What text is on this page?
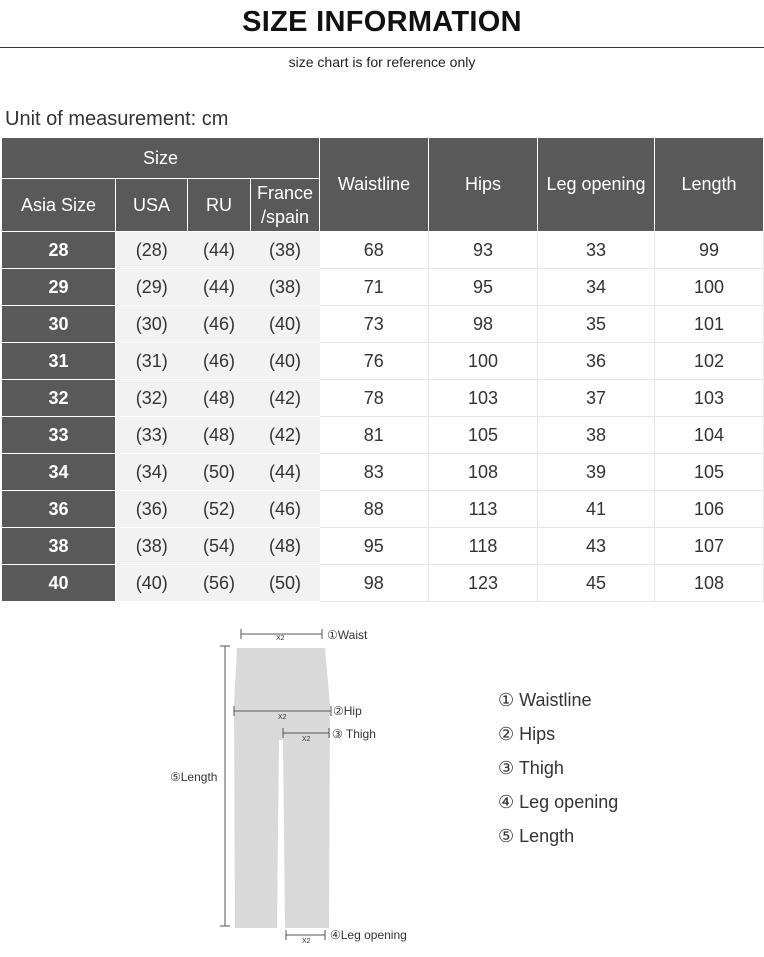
SIZE INFORMATION
size chart is for reference only
Unit of measurement: cm
Size				Waistline	Hips	Leg opening	Length
Asia Size	USA	RU	France
/spain				
28	(28)	(44)	(38)	68	93	33	99
29	(29)	(44)	(38)	71	95	34	100
30	(30)	(46)	(40)	73	98	35	101
31	(31)	(46)	(40)	76	100	36	102
32	(32)	(48)	(42)	78	103	37	103
33	(33)	(48)	(42)	81	105	38	104
34	(34)	(50)	(44)	83	108	39	105
36	(36)	(52)	(46)	88	113	41	106
38	(38)	(54)	(48)	95	118	43	107
40	(40)	(56)	(50)	98	123	45	108
X2	①Waist
X2	②Hip
X2 ③ Thigh
⑤Length
X2 ④Leg opening
① Waistline
② Hips
③ Thigh
④ Leg opening
⑤ Length
